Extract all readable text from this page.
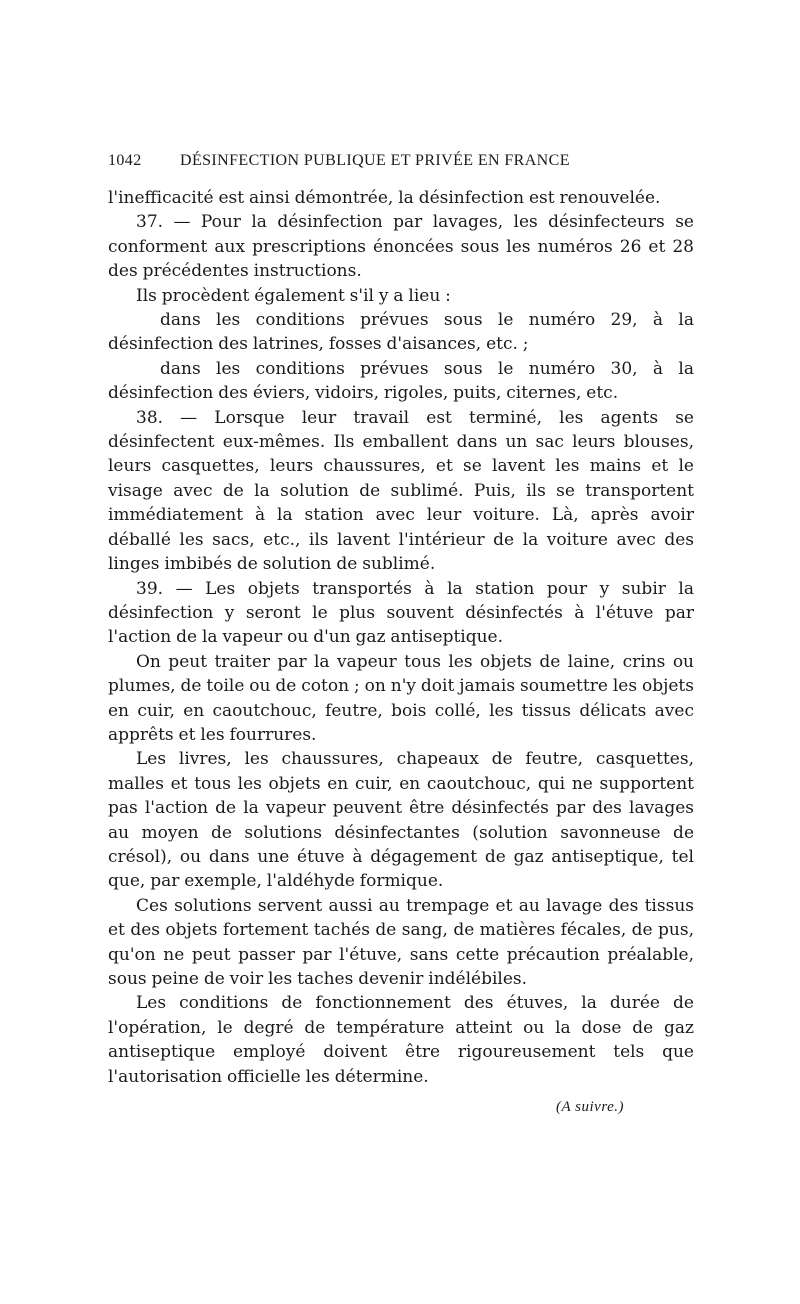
1042	DÉSINFECTION PUBLIQUE ET PRIVÉE EN FRANCE

l'inefficacité est ainsi démontrée, la désinfection est renouvelée.

37. — Pour la désinfection par lavages, les désinfecteurs se conforment aux prescriptions énoncées sous les numéros 26 et 28 des précédentes instructions.

Ils procèdent également s'il y a lieu :

dans les conditions prévues sous le numéro 29, à la désinfection des latrines, fosses d'aisances, etc. ;

dans les conditions prévues sous le numéro 30, à la désinfection des éviers, vidoirs, rigoles, puits, citernes, etc.

38. — Lorsque leur travail est terminé, les agents se désinfectent eux-mêmes. Ils emballent dans un sac leurs blouses, leurs casquettes, leurs chaussures, et se lavent les mains et le visage avec de la solution de sublimé. Puis, ils se transportent immédiatement à la station avec leur voiture. Là, après avoir déballé les sacs, etc., ils lavent l'intérieur de la voiture avec des linges imbibés de solution de sublimé.

39. — Les objets transportés à la station pour y subir la désinfection y seront le plus souvent désinfectés à l'étuve par l'action de la vapeur ou d'un gaz antiseptique.

On peut traiter par la vapeur tous les objets de laine, crins ou plumes, de toile ou de coton ; on n'y doit jamais soumettre les objets en cuir, en caoutchouc, feutre, bois collé, les tissus délicats avec apprêts et les fourrures.

Les livres, les chaussures, chapeaux de feutre, casquettes, malles et tous les objets en cuir, en caoutchouc, qui ne supportent pas l'action de la vapeur peuvent être désinfectés par des lavages au moyen de solutions désinfectantes (solution savonneuse de crésol), ou dans une étuve à dégagement de gaz antiseptique, tel que, par exemple, l'aldéhyde formique.

Ces solutions servent aussi au trempage et au lavage des tissus et des objets fortement tachés de sang, de matières fécales, de pus, qu'on ne peut passer par l'étuve, sans cette précaution préalable, sous peine de voir les taches devenir indélébiles.

Les conditions de fonctionnement des étuves, la durée de l'opération, le degré de température atteint ou la dose de gaz antiseptique employé doivent être rigoureusement tels que l'autorisation officielle les détermine.

(A suivre.)
